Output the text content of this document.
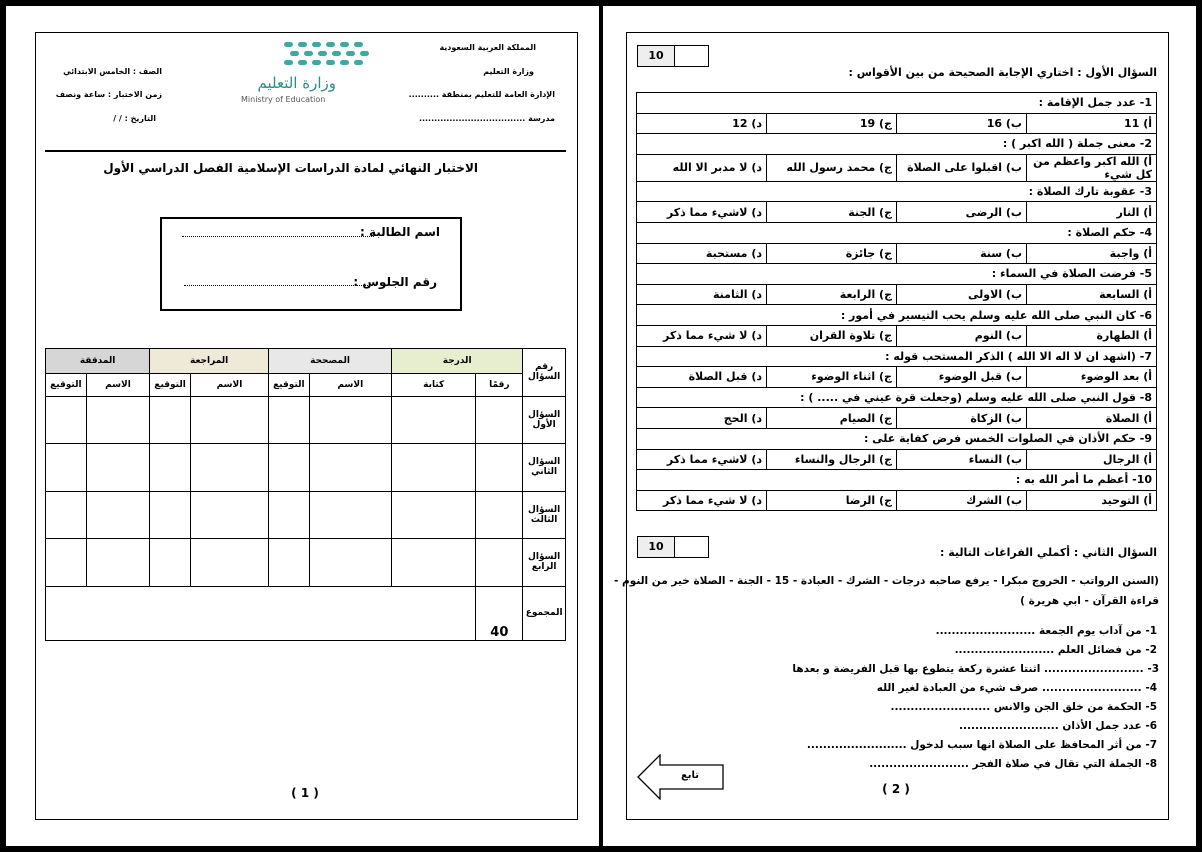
المملكة العربية السعودية
وزارة التعليم
الإدارة العامة للتعليم بمنطقة ..........
مدرسة ...................................
وزارة التعليم
Ministry of Education
الصف : الخامس الابتدائي
زمن الاختبار : ساعة ونصف
التاريخ : / /
الاختبار النهائي لمادة الدراسات الإسلامية الفصل الدراسي الأول
اسم الطالبة :
رقم الجلوس :
رقم السؤال	الدرجة		المصححة		المراجعة		المدققة	
	رقمًا	كتابة	الاسم	التوقيع	الاسم	التوقيع	الاسم	التوقيع
السؤال الأول								
السؤال الثاني								
السؤال الثالث								
السؤال الرابع								
المجموع	40							
( 1 )
10
السؤال الأول : اختاري الإجابة الصحيحة من بين الأقواس :
1- عدد جمل الإقامة :			
أ) 11	ب) 16	ج) 19	د) 12
2- معنى جملة ( الله اكبر ) :			
أ) الله اكبر واعظم من كل شيء	ب) اقبلوا على الصلاة	ج) محمد رسول الله	د) لا مدبر الا الله
3- عقوبة تارك الصلاة :			
أ) النار	ب) الرضى	ج) الجنة	د) لاشيء مما ذكر
4- حكم الصلاة :			
أ) واجبة	ب) سنة	ج) جائزة	د) مستحبة
5- فرضت الصلاة في السماء :			
أ) السابعة	ب) الاولى	ج) الرابعة	د) الثامنة
6- كان النبي صلى الله عليه وسلم يحب التيسير في أمور :			
أ) الطهارة	ب) النوم	ج) تلاوة القران	د) لا شيء مما ذكر
7- (اشهد ان لا اله الا الله ) الذكر المستحب قوله :			
أ) بعد الوضوء	ب) قبل الوضوء	ج) اثناء الوضوء	د) قبل الصلاة
8- قول النبي صلى الله عليه وسلم (وجعلت قرة عيني في ..... ) :			
أ) الصلاة	ب) الزكاة	ج) الصيام	د) الحج
9- حكم الأذان في الصلوات الخمس فرض كفاية على :			
أ) الرجال	ب) النساء	ج) الرجال والنساء	د) لاشيء مما ذكر
10- أعظم ما أمر الله به :			
أ) التوحيد	ب) الشرك	ج) الرضا	د) لا شيء مما ذكر
10	السؤال الثاني : أكملي الفراغات التالية :
(السنن الرواتب - الخروج مبكرا - يرفع صاحبه درجات - الشرك - العبادة - 15 - الجنة - الصلاة خير من النوم -
قراءة القرآن - ابي هريرة )
1- من آداب يوم الجمعة .........................
2- من فضائل العلم .........................
3- ......................... اثنتا عشرة ركعة يتطوع بها قبل الفريضة و بعدها
4- ......................... صرف شيء من العبادة لغير الله
5- الحكمة من خلق الجن والانس .........................
6- عدد جمل الأذان .........................
7- من أثر المحافظ على الصلاة انها سبب لدخول .........................
8- الجملة التي تقال في صلاة الفجر .........................
تابع
( 2 )
